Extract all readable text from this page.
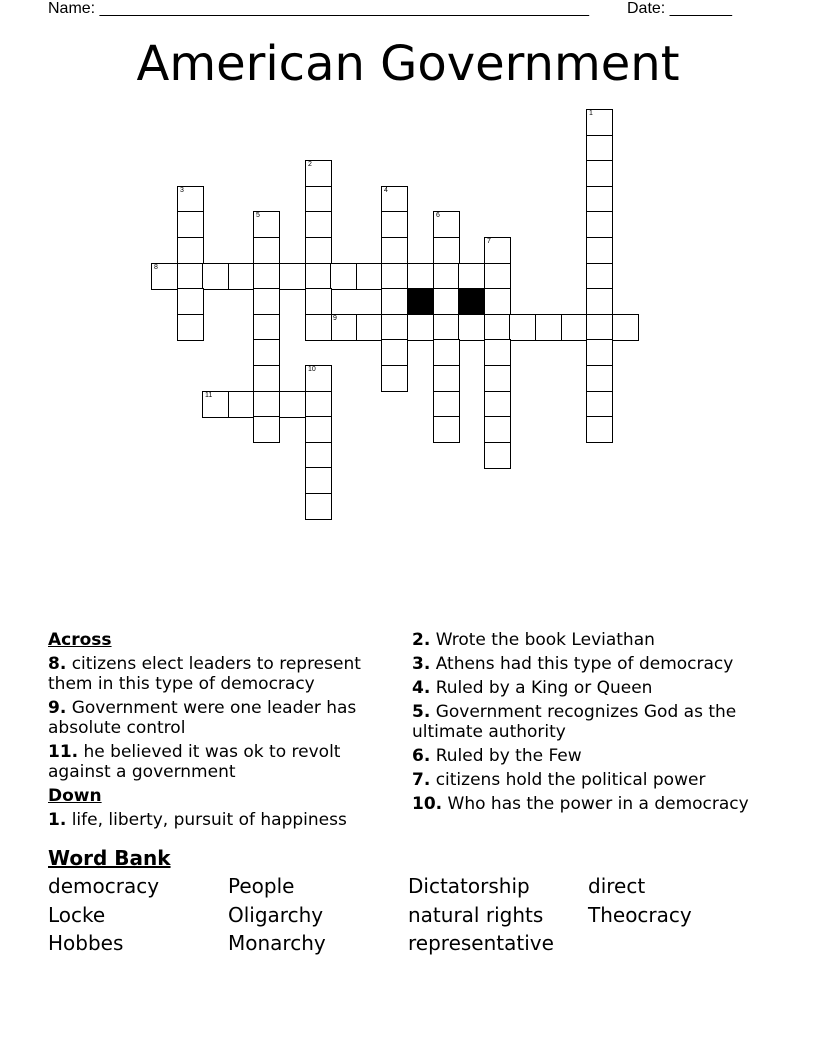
Name: _______________________________________________________ Date: _______
American Government
8
9
11
1
2
3	4
5	6
7
10
Across
8. citizens elect leaders to represent them in this type of democracy
9. Government were one leader has absolute control
11. he believed it was ok to revolt against a government
Down
1. life, liberty, pursuit of happiness
2. Wrote the book Leviathan
3. Athens had this type of democracy
4. Ruled by a King or Queen
5. Government recognizes God as the ultimate authority
6. Ruled by the Few
7. citizens hold the political power
10. Who has the power in a democracy
Word Bank
democracy	People	Dictatorship	direct
Locke	Oligarchy	natural rights	Theocracy
Hobbes	Monarchy	representative
